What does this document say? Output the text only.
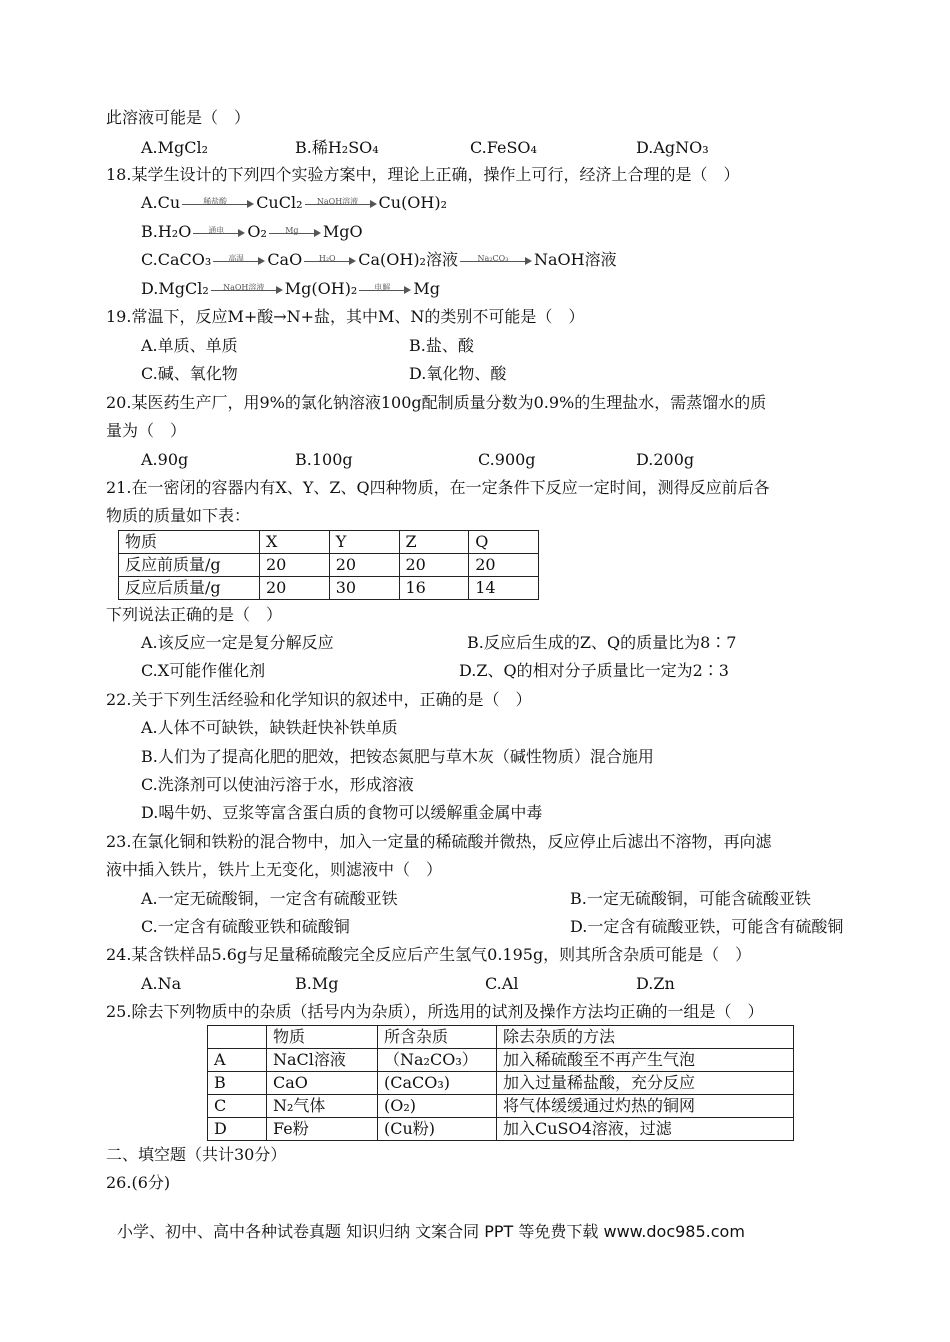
此溶液可能是（　）
A.MgCl₂	B.稀H₂SO₄	C.FeSO₄	D.AgNO₃
18.某学生设计的下列四个实验方案中，理论上正确，操作上可行，经济上合理的是（　）
A.Cu	稀盐酸	CuCl₂	NaOH溶液	Cu(OH)₂
B.H₂O	通电	O₂	Mg	MgO
C.CaCO₃	高温	CaO	H₂O	Ca(OH)₂溶液	Na₂CO₃	NaOH溶液
D.MgCl₂	NaOH溶液	Mg(OH)₂	电解	Mg
19.常温下，反应M+酸→N+盐，其中M、N的类别不可能是（　）
A.单质、单质	B.盐、酸
C.碱、氧化物	D.氧化物、酸
20.某医药生产厂，用9%的氯化钠溶液100g配制质量分数为0.9%的生理盐水，需蒸馏水的质
量为（　）
A.90g	B.100g	C.900g	D.200g
21.在一密闭的容器内有X、Y、Z、Q四种物质，在一定条件下反应一定时间，测得反应前后各
物质的质量如下表：
物质	X	Y	Z	Q
反应前质量/g	20	20	20	20
反应后质量/g	20	30	16	14
下列说法正确的是（　）
A.该反应一定是复分解反应	B.反应后生成的Z、Q的质量比为8∶7
C.X可能作催化剂	D.Z、Q的相对分子质量比一定为2∶3
22.关于下列生活经验和化学知识的叙述中，正确的是（　）
A.人体不可缺铁，缺铁赶快补铁单质
B.人们为了提高化肥的肥效，把铵态氮肥与草木灰（碱性物质）混合施用
C.洗涤剂可以使油污溶于水，形成溶液
D.喝牛奶、豆浆等富含蛋白质的食物可以缓解重金属中毒
23.在氯化铜和铁粉的混合物中，加入一定量的稀硫酸并微热，反应停止后滤出不溶物，再向滤
液中插入铁片，铁片上无变化，则滤液中（　）
A.一定无硫酸铜，一定含有硫酸亚铁	B.一定无硫酸铜，可能含硫酸亚铁
C.一定含有硫酸亚铁和硫酸铜	D.一定含有硫酸亚铁，可能含有硫酸铜
24.某含铁样品5.6g与足量稀硫酸完全反应后产生氢气0.195g，则其所含杂质可能是（　）
A.Na	B.Mg	C.Al	D.Zn
25.除去下列物质中的杂质（括号内为杂质），所选用的试剂及操作方法均正确的一组是（　）
	物质	所含杂质	除去杂质的方法
A	NaCl溶液	（Na₂CO₃）	加入稀硫酸至不再产生气泡
B	CaO	(CaCO₃)	加入过量稀盐酸，充分反应
C	N₂气体	(O₂)	将气体缓缓通过灼热的铜网
D	Fe粉	(Cu粉)	加入CuSO4溶液，过滤
二、填空题（共计30分）
26.(6分)
小学、初中、高中各种试卷真题 知识归纳 文案合同 PPT 等免费下载 www.doc985.com
